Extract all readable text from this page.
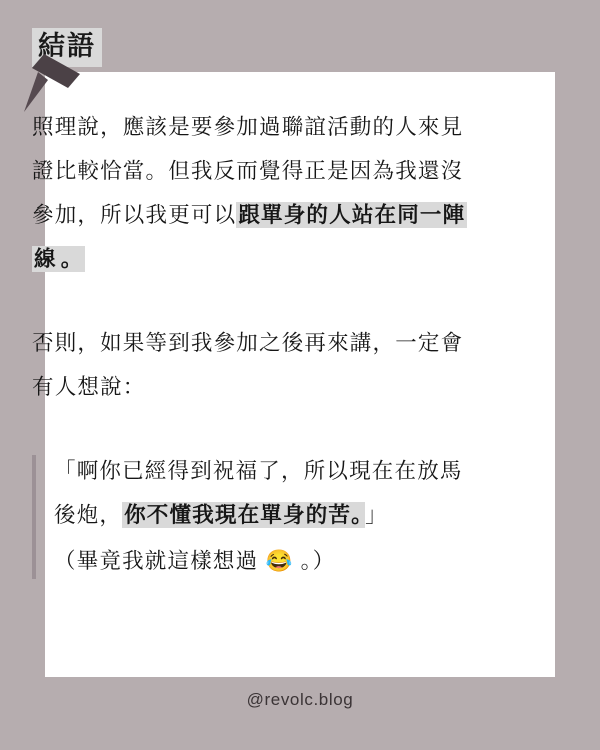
結語

照理說，應該是要參加過聯誼活動的人來見證比較恰當。但我反而覺得正是因為我還沒參加，所以我更可以跟單身的人站在同一陣線 。

否則，如果等到我參加之後再來講，一定會有人想說：

「啊你已經得到祝福了，所以現在在放馬後炮，你不懂我現在單身的苦。」

（畢竟我就這樣想過 😂 。）

@revolc.blog
